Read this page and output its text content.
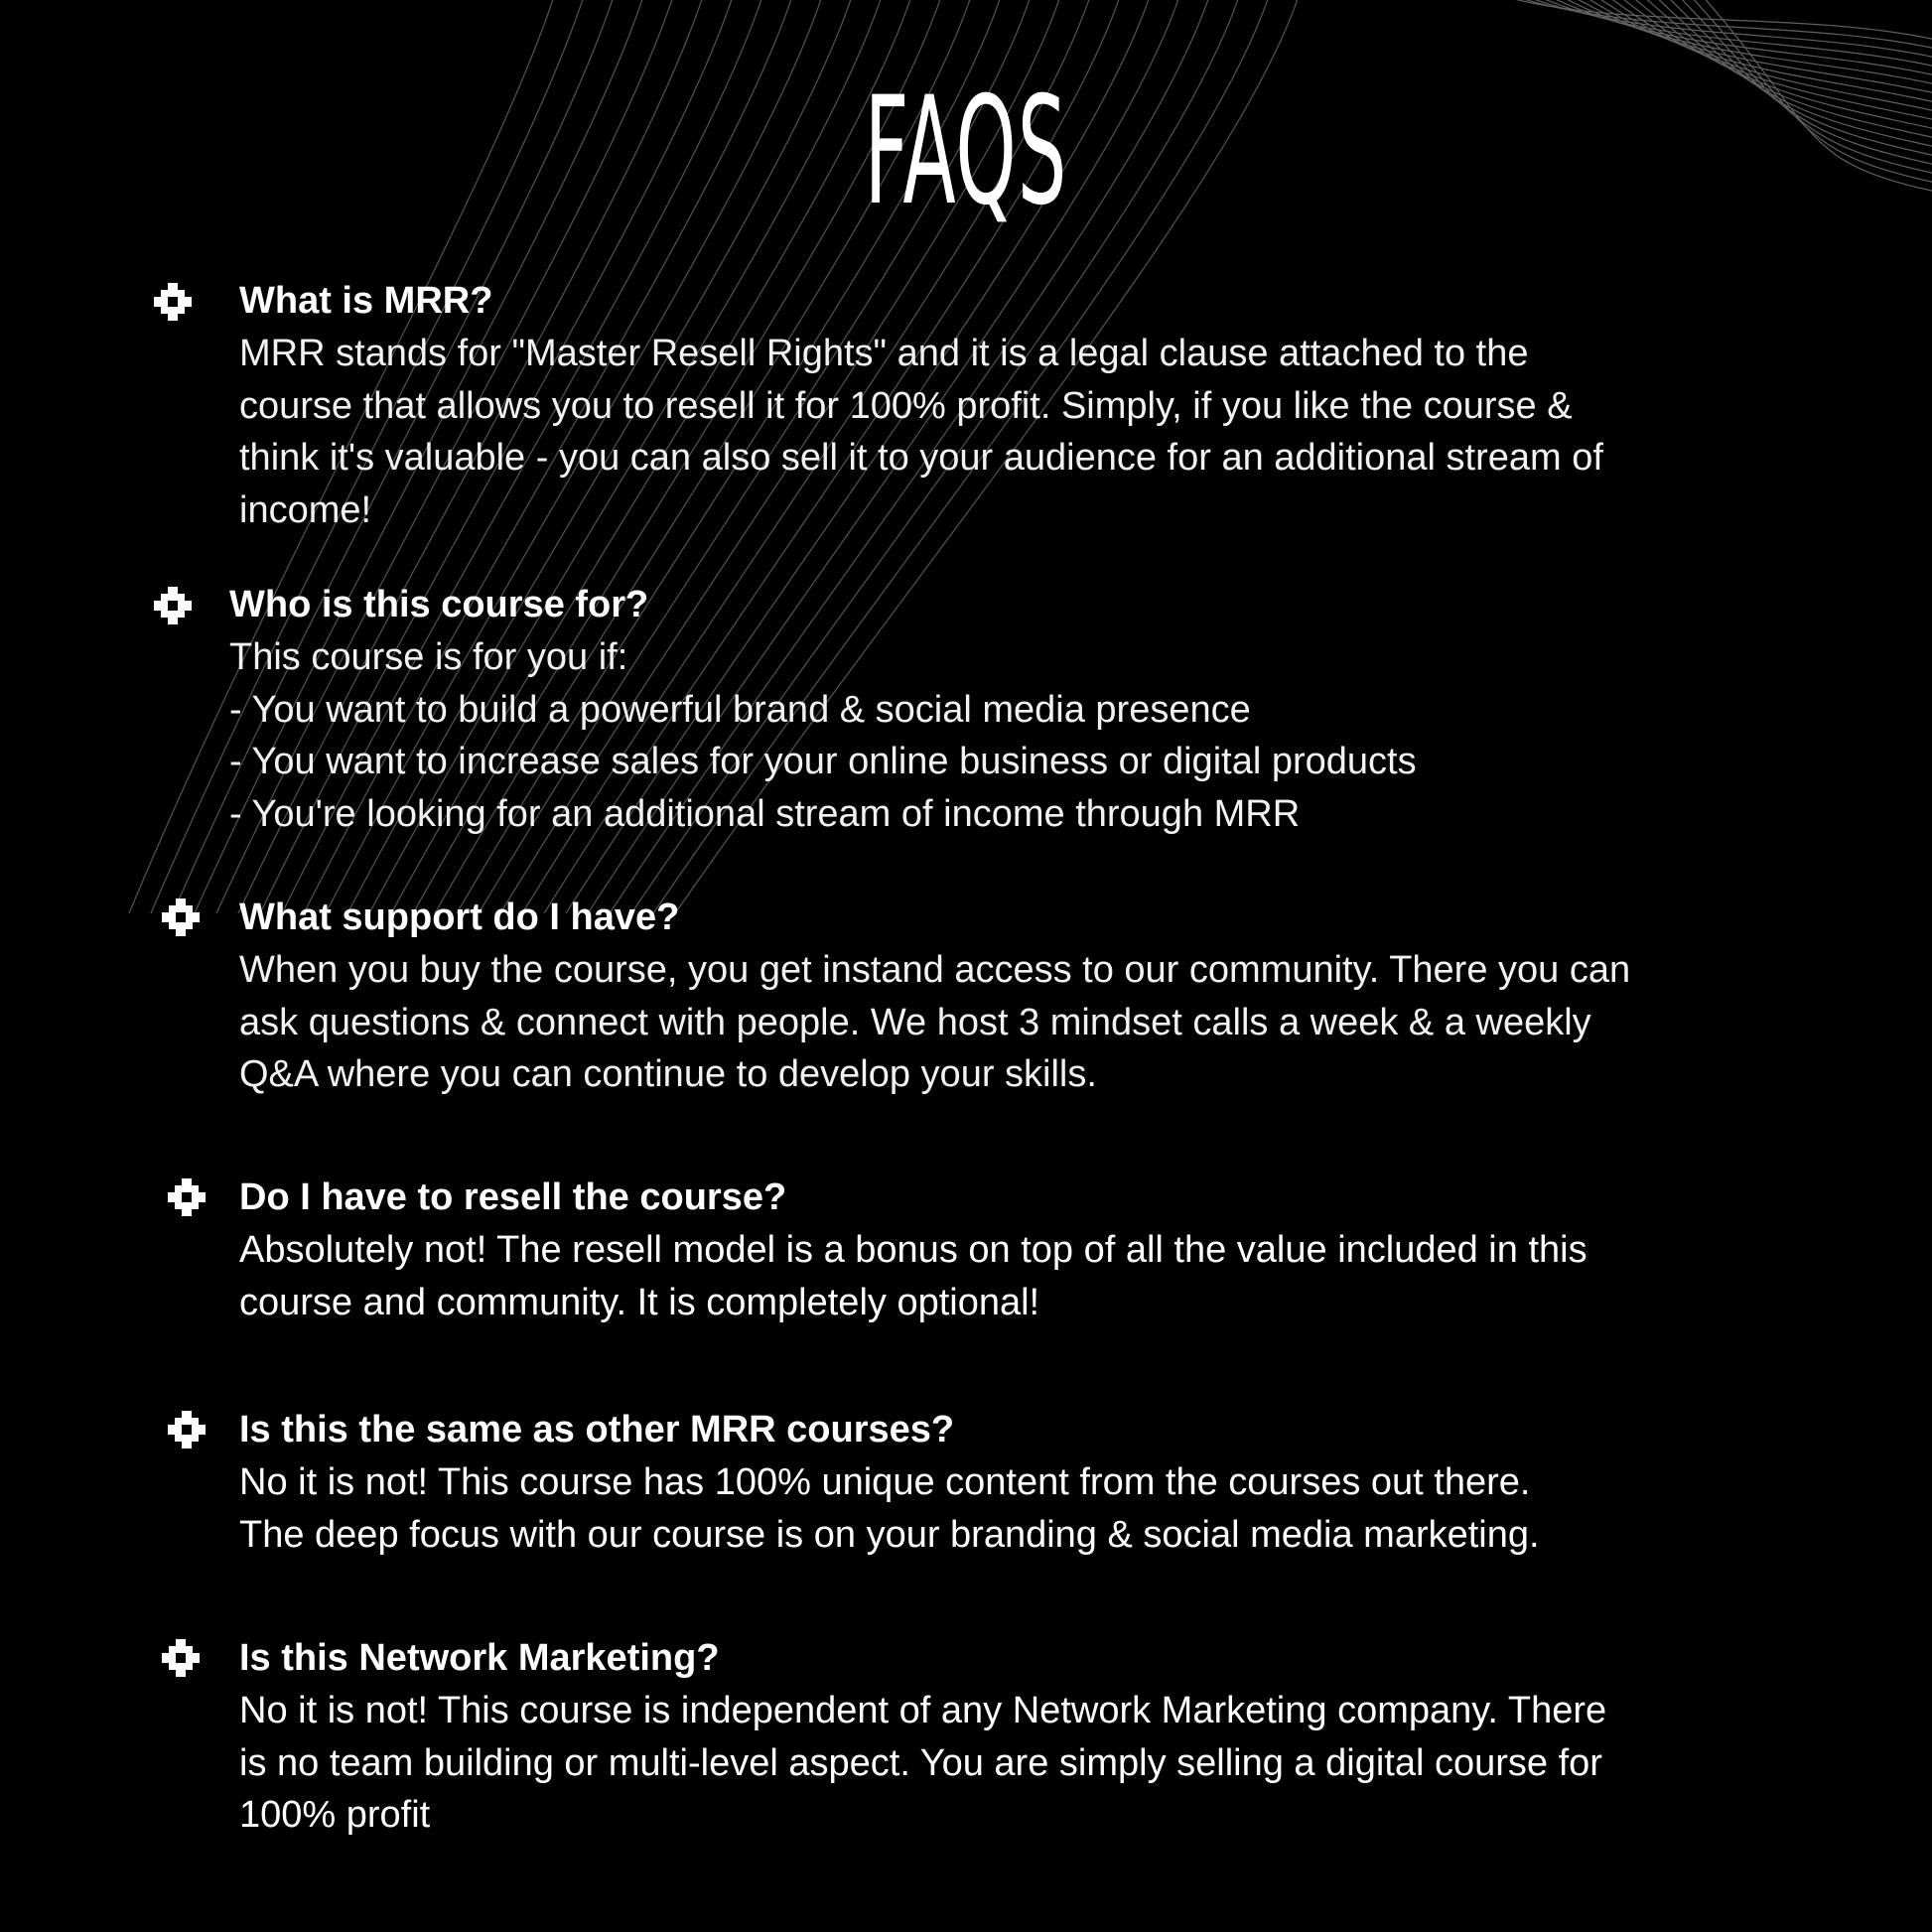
FAQS
What is MRR?
MRR stands for "Master Resell Rights" and it is a legal clause attached to the
course that allows you to resell it for 100% profit. Simply, if you like the course &
think it's valuable - you can also sell it to your audience for an additional stream of
income!
Who is this course for?
This course is for you if:
- You want to build a powerful brand & social media presence
- You want to increase sales for your online business or digital products
- You're looking for an additional stream of income through MRR
What support do I have?
When you buy the course, you get instand access to our community. There you can
ask questions & connect with people. We host 3 mindset calls a week & a weekly
Q&A where you can continue to develop your skills.
Do I have to resell the course?
Absolutely not! The resell model is a bonus on top of all the value included in this
course and community. It is completely optional!
Is this the same as other MRR courses?
No it is not! This course has 100% unique content from the courses out there.
The deep focus with our course is on your branding & social media marketing.
Is this Network Marketing?
No it is not! This course is independent of any Network Marketing company. There
is no team building or multi-level aspect. You are simply selling a digital course for
100% profit
